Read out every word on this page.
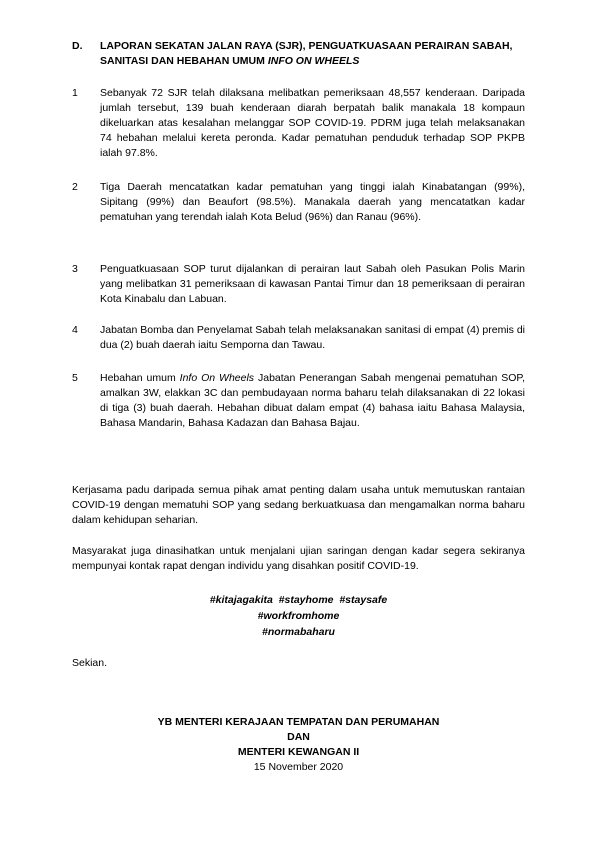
D. LAPORAN SEKATAN JALAN RAYA (SJR), PENGUATKUASAAN PERAIRAN SABAH, SANITASI DAN HEBAHAN UMUM INFO ON WHEELS
1 Sebanyak 72 SJR telah dilaksana melibatkan pemeriksaan 48,557 kenderaan. Daripada jumlah tersebut, 139 buah kenderaan diarah berpatah balik manakala 18 kompaun dikeluarkan atas kesalahan melanggar SOP COVID-19. PDRM juga telah melaksanakan 74 hebahan melalui kereta peronda. Kadar pematuhan penduduk terhadap SOP PKPB ialah 97.8%.
2 Tiga Daerah mencatatkan kadar pematuhan yang tinggi ialah Kinabatangan (99%), Sipitang (99%) dan Beaufort (98.5%). Manakala daerah yang mencatatkan kadar pematuhan yang terendah ialah Kota Belud (96%) dan Ranau (96%).
3 Penguatkuasaan SOP turut dijalankan di perairan laut Sabah oleh Pasukan Polis Marin yang melibatkan 31 pemeriksaan di kawasan Pantai Timur dan 18 pemeriksaan di perairan Kota Kinabalu dan Labuan.
4 Jabatan Bomba dan Penyelamat Sabah telah melaksanakan sanitasi di empat (4) premis di dua (2) buah daerah iaitu Semporna dan Tawau.
5 Hebahan umum Info On Wheels Jabatan Penerangan Sabah mengenai pematuhan SOP, amalkan 3W, elakkan 3C dan pembudayaan norma baharu telah dilaksanakan di 22 lokasi di tiga (3) buah daerah. Hebahan dibuat dalam empat (4) bahasa iaitu Bahasa Malaysia, Bahasa Mandarin, Bahasa Kadazan dan Bahasa Bajau.
Kerjasama padu daripada semua pihak amat penting dalam usaha untuk memutuskan rantaian COVID-19 dengan mematuhi SOP yang sedang berkuatkuasa dan mengamalkan norma baharu dalam kehidupan seharian.
Masyarakat juga dinasihatkan untuk menjalani ujian saringan dengan kadar segera sekiranya mempunyai kontak rapat dengan individu yang disahkan positif COVID-19.
#kitajagakita  #stayhome  #staysafe
#workfromhome
#normabaharu
Sekian.
YB MENTERI KERAJAAN TEMPATAN DAN PERUMAHAN
DAN
MENTERI KEWANGAN II
15 November 2020
